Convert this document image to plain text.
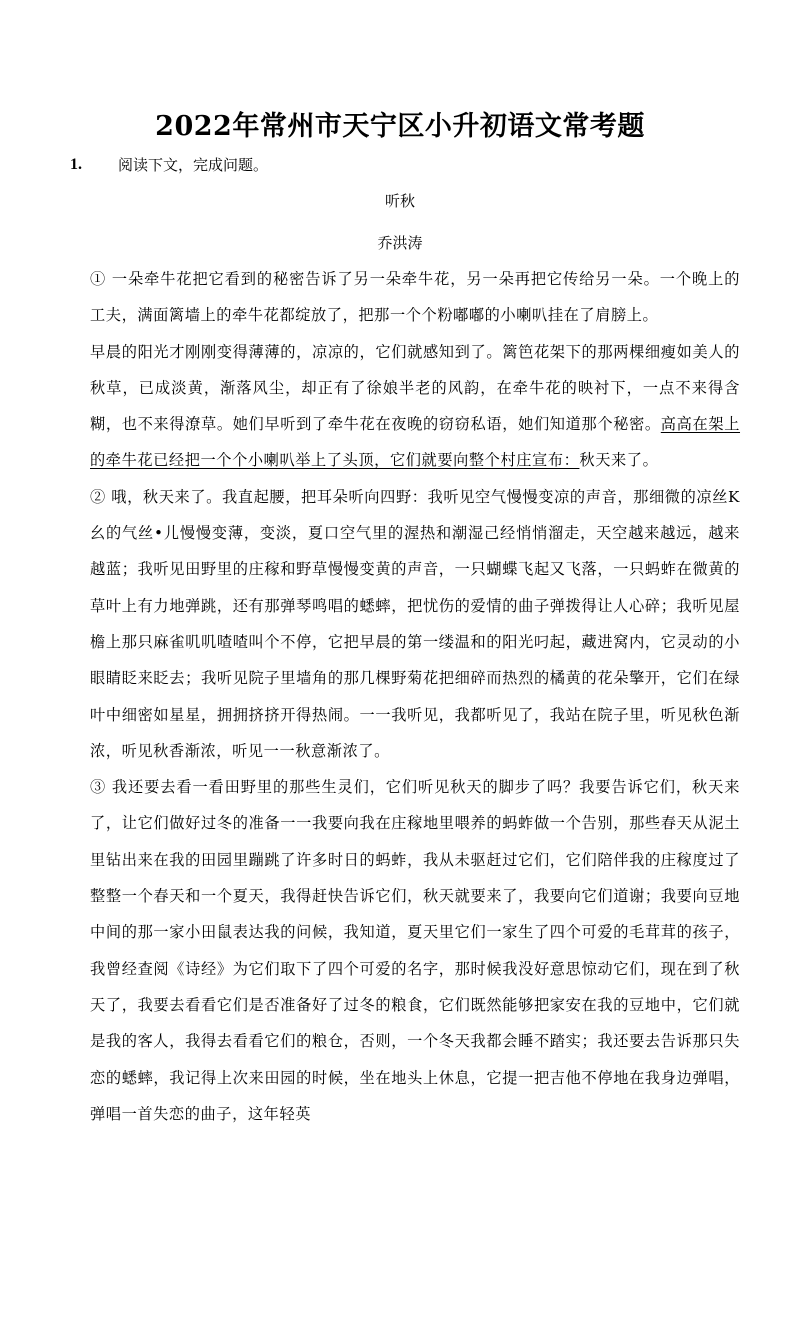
2022年常州市天宁区小升初语文常考题
1. 阅读下文，完成问题。
听秋
乔洪涛

① 一朵牵牛花把它看到的秘密告诉了另一朵牵牛花，另一朵再把它传给另一朵。一个晚上的工夫，满面篱墙上的牵牛花都绽放了，把那一个个粉嘟嘟的小喇叭挂在了肩膀上。

早晨的阳光才刚刚变得薄薄的，凉凉的，它们就感知到了。篱笆花架下的那两棵细瘦如美人的秋草，已成淡黄，渐落风尘，却正有了徐娘半老的风韵，在牵牛花的映衬下，一点不来得含糊，也不来得潦草。她们早听到了牵牛花在夜晚的窃窃私语，她们知道那个秘密。高高在架上的牵牛花已经把一个个小喇叭举上了头顶，它们就要向整个村庄宣布：秋天来了。

② 哦，秋天来了。我直起腰，把耳朵听向四野：我听见空气慢慢变凉的声音，那细微的凉丝K幺的气丝•儿慢慢变薄，变淡，夏口空气里的渥热和潮湿己经悄悄溜走，天空越来越远，越来越蓝；我听见田野里的庄稼和野草慢慢变黄的声音，一只蝴蝶飞起又飞落，一只蚂蚱在微黄的草叶上有力地弹跳，还有那弹琴鸣唱的蟋蟀，把忧伤的爱情的曲子弹拨得让人心碎；我听见屋檐上那只麻雀叽叽喳喳叫个不停，它把早晨的第一缕温和的阳光叼起，藏进窝内，它灵动的小眼睛眨来眨去；我听见院子里墙角的那几棵野菊花把细碎而热烈的橘黄的花朵擎开，它们在绿叶中细密如星星，拥拥挤挤开得热闹。一一我听见，我都听见了，我站在院子里，听见秋色渐浓，听见秋香渐浓，听见一一秋意渐浓了。

③ 我还要去看一看田野里的那些生灵们，它们听见秋天的脚步了吗？我要告诉它们，秋天来了，让它们做好过冬的准备一一我要向我在庄稼地里喂养的蚂蚱做一个告别，那些春天从泥土里钻出来在我的田园里蹦跳了许多时日的蚂蚱，我从未驱赶过它们，它们陪伴我的庄稼度过了整整一个春天和一个夏天，我得赶快告诉它们，秋天就要来了，我要向它们道谢；我要向豆地中间的那一家小田鼠表达我的问候，我知道，夏天里它们一家生了四个可爱的毛茸茸的孩子，我曾经查阅《诗经》为它们取下了四个可爱的名字，那时候我没好意思惊动它们，现在到了秋天了，我要去看看它们是否准备好了过冬的粮食，它们既然能够把家安在我的豆地中，它们就是我的客人，我得去看看它们的粮仓，否则，一个冬天我都会睡不踏实；我还要去告诉那只失恋的蟋蟀，我记得上次来田园的时候，坐在地头上休息，它提一把吉他不停地在我身边弹唱，弹唱一首失恋的曲子，这年轻英
